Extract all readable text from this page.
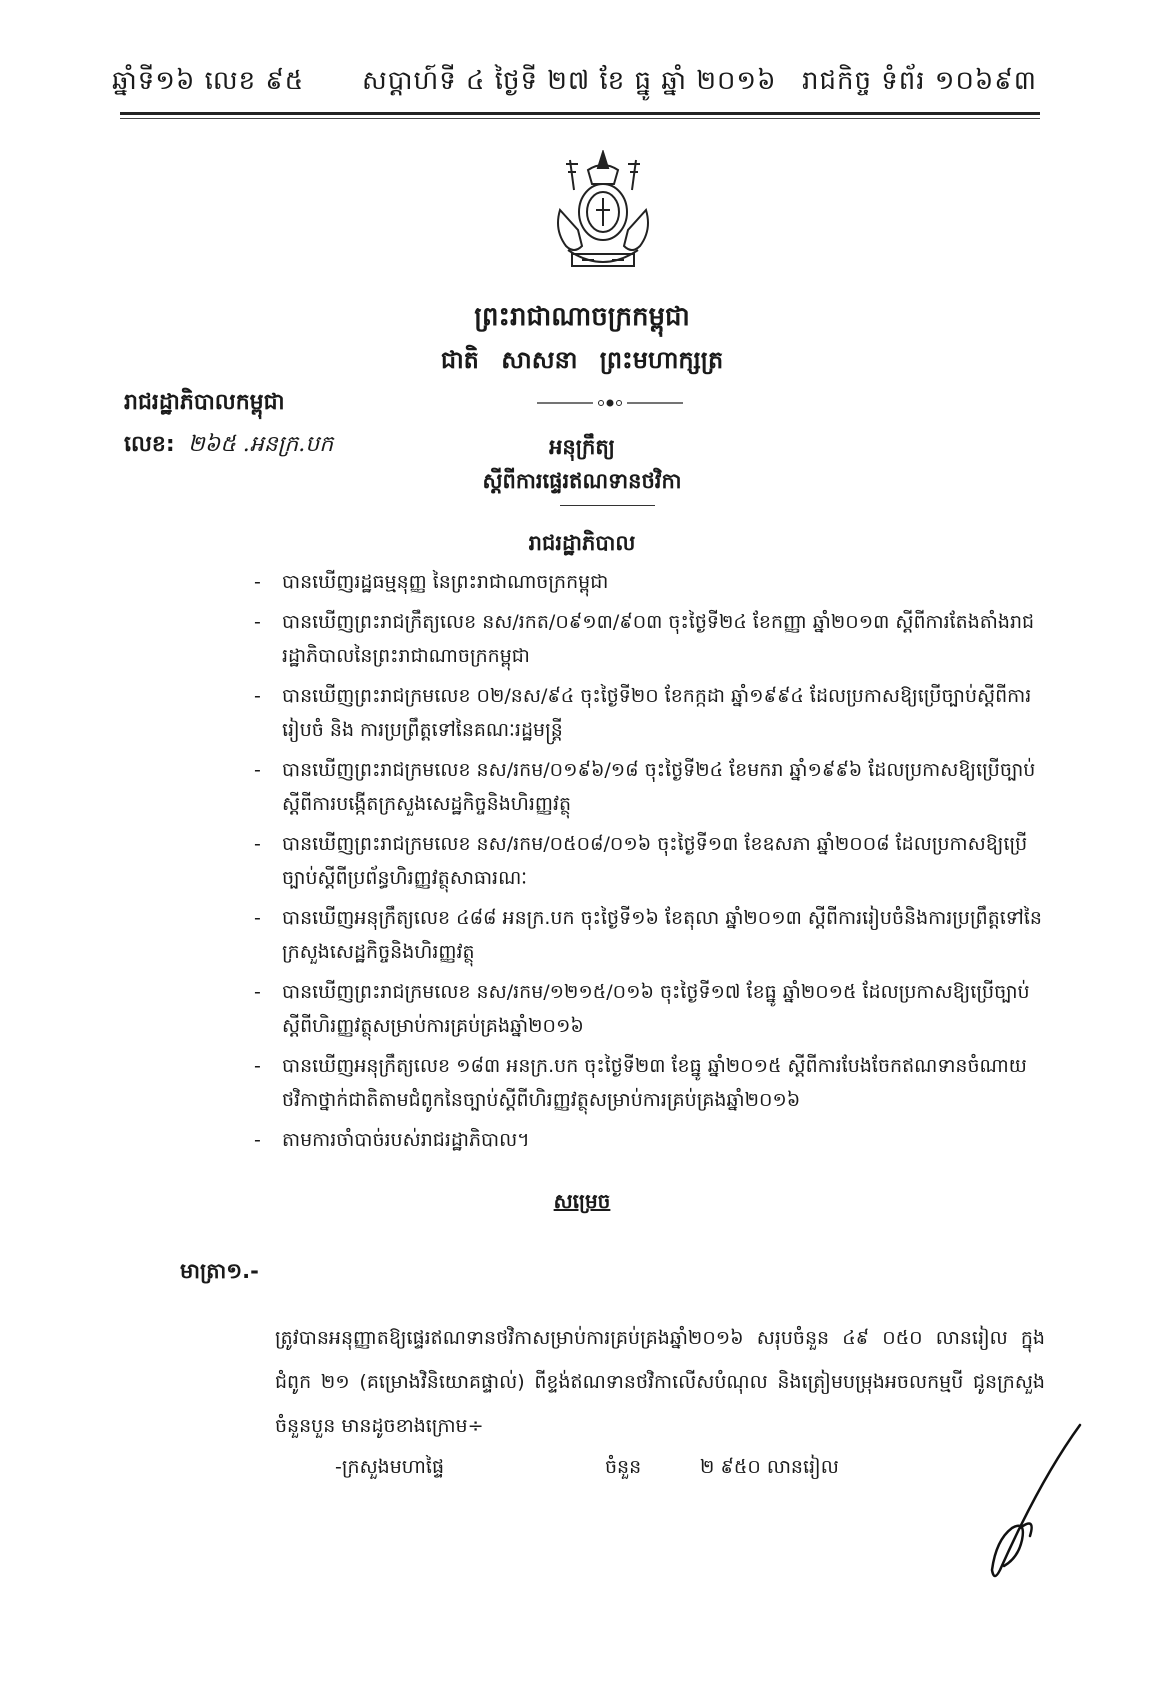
ឆ្នាំទី១៦ លេខ ៩៥ សប្តាហ៍ទី ៤ ថ្ងៃទី ២៧ ខែ ធ្នូ ឆ្នាំ ២០១៦ រាជកិច្ច ទំព័រ ១០៦៩៣
ព្រះរាជាណាចក្រកម្ពុជា
ជាតិ សាសនា ព្រះមហាក្សត្រ
រាជរដ្ឋាភិបាលកម្ពុជា
លេខ: ២៦៥ .អនក្រ.បក	អនុក្រឹត្យ
ស្តីពីការផ្ទេរឥណទានថវិកា
រាជរដ្ឋាភិបាល
- បានឃើញរដ្ឋធម្មនុញ្ញ នៃព្រះរាជាណាចក្រកម្ពុជា
- បានឃើញព្រះរាជក្រឹត្យលេខ នស/រកត/០៩១៣/៩០៣ ចុះថ្ងៃទី២៤ ខែកញ្ញា ឆ្នាំ២០១៣ ស្តីពីការតែងតាំងរាជរដ្ឋាភិបាលនៃព្រះរាជាណាចក្រកម្ពុជា
- បានឃើញព្រះរាជក្រមលេខ ០២/នស/៩៤ ចុះថ្ងៃទី២០ ខែកក្កដា ឆ្នាំ១៩៩៤ ដែលប្រកាសឱ្យប្រើច្បាប់ស្តីពីការរៀបចំ និង ការប្រព្រឹត្តទៅនៃគណៈរដ្ឋមន្ត្រី
- បានឃើញព្រះរាជក្រមលេខ នស/រកម/០១៩៦/១៨ ចុះថ្ងៃទី២៤ ខែមករា ឆ្នាំ១៩៩៦ ដែលប្រកាសឱ្យប្រើច្បាប់ស្តីពីការបង្កើតក្រសួងសេដ្ឋកិច្ចនិងហិរញ្ញវត្ថុ
- បានឃើញព្រះរាជក្រមលេខ នស/រកម/០៥០៨/០១៦ ចុះថ្ងៃទី១៣ ខែឧសភា ឆ្នាំ២០០៨ ដែលប្រកាសឱ្យប្រើច្បាប់ស្តីពីប្រព័ន្ធហិរញ្ញវត្ថុសាធារណៈ
- បានឃើញអនុក្រឹត្យលេខ ៤៨៨ អនក្រ.បក ចុះថ្ងៃទី១៦ ខែតុលា ឆ្នាំ២០១៣ ស្តីពីការរៀបចំនិងការប្រព្រឹត្តទៅនៃក្រសួងសេដ្ឋកិច្ចនិងហិរញ្ញវត្ថុ
- បានឃើញព្រះរាជក្រមលេខ នស/រកម/១២១៥/០១៦ ចុះថ្ងៃទី១៧ ខែធ្នូ ឆ្នាំ២០១៥ ដែលប្រកាសឱ្យប្រើច្បាប់ស្តីពីហិរញ្ញវត្ថុសម្រាប់ការគ្រប់គ្រងឆ្នាំ២០១៦
- បានឃើញអនុក្រឹត្យលេខ ១៨៣ អនក្រ.បក ចុះថ្ងៃទី២៣ ខែធ្នូ ឆ្នាំ២០១៥ ស្តីពីការបែងចែកឥណទានចំណាយថវិកាថ្នាក់ជាតិតាមជំពូកនៃច្បាប់ស្តីពីហិរញ្ញវត្ថុសម្រាប់ការគ្រប់គ្រងឆ្នាំ២០១៦
- តាមការចាំបាច់របស់រាជរដ្ឋាភិបាល។
សម្រេច
មាត្រា១.-
ត្រូវបានអនុញ្ញាតឱ្យផ្ទេរឥណទានថវិកាសម្រាប់ការគ្រប់គ្រងឆ្នាំ២០១៦ សរុបចំនួន ៤៩ ០៥០ លានរៀល ក្នុងជំពូក ២១ (គម្រោងវិនិយោគផ្ទាល់) ពីខ្ទង់ឥណទានថវិកាលើសបំណុល និងត្រៀមបម្រុងអចលកម្មបី ជូនក្រសួងចំនួនបួន មានដូចខាងក្រោម÷
-ក្រសួងមហាផ្ទៃ	ចំនួន	២ ៩៥០ លានរៀល
